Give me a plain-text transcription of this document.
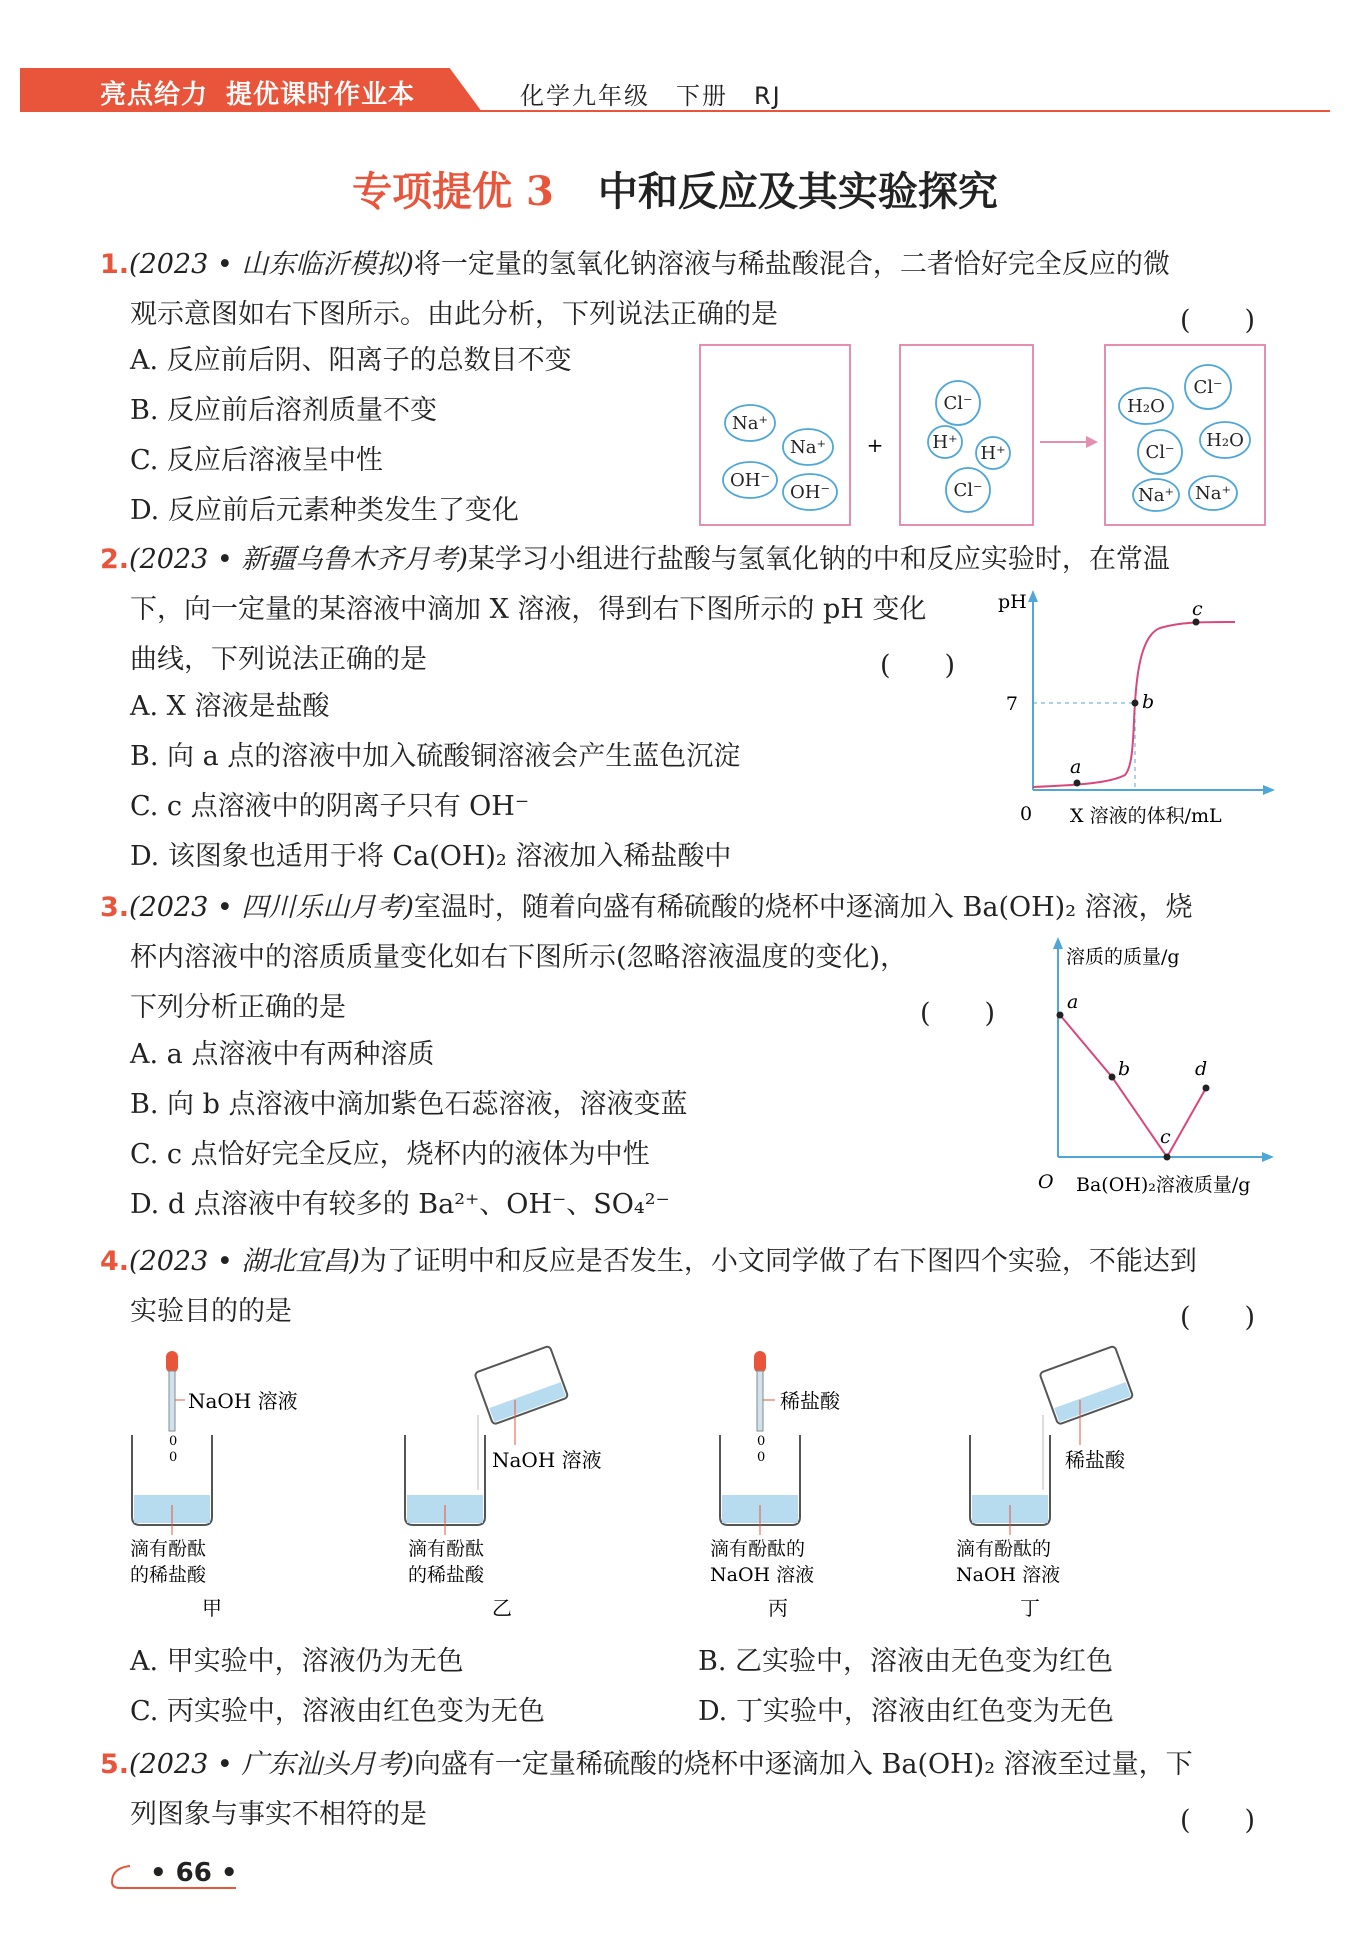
亮点给力 提优课时作业本	化学九年级 下册 RJ
专项提优 3 中和反应及其实验探究
1.(2023 • 山东临沂模拟)将一定量的氢氧化钠溶液与稀盐酸混合，二者恰好完全反应的微
观示意图如右下图所示。由此分析，下列说法正确的是	(　　)
A. 反应前后阴、阳离子的总数目不变
B. 反应前后溶剂质量不变
C. 反应后溶液呈中性
D. 反应前后元素种类发生了变化
+
Na⁺
Na⁺
OH⁻
OH⁻
Cl⁻
H⁺
H⁺
Cl⁻
Cl⁻
H₂O
Cl⁻
H₂O
Na⁺ Na⁺
2.(2023 • 新疆乌鲁木齐月考)某学习小组进行盐酸与氢氧化钠的中和反应实验时，在常温
下，向一定量的某溶液中滴加 X 溶液，得到右下图所示的 pH 变化
曲线，下列说法正确的是	(　　)
A. X 溶液是盐酸
B. 向 a 点的溶液中加入硫酸铜溶液会产生蓝色沉淀
C. c 点溶液中的阴离子只有 OH⁻
D. 该图象也适用于将 Ca(OH)₂ 溶液加入稀盐酸中
pH
7
0 X 溶液的体积/mL
a
b
c
3.(2023 • 四川乐山月考)室温时，随着向盛有稀硫酸的烧杯中逐滴加入 Ba(OH)₂ 溶液，烧
杯内溶液中的溶质质量变化如右下图所示(忽略溶液温度的变化)，
下列分析正确的是	(　　)
A. a 点溶液中有两种溶质
B. 向 b 点溶液中滴加紫色石蕊溶液，溶液变蓝
C. c 点恰好完全反应，烧杯内的液体为中性
D. d 点溶液中有较多的 Ba²⁺、OH⁻、SO₄²⁻
溶质的质量/g
O Ba(OH)₂溶液质量/g
a
b
c
d
4.(2023 • 湖北宜昌)为了证明中和反应是否发生，小文同学做了右下图四个实验，不能达到
实验目的的是	(　　)
NaOH 溶液
0
0
滴有酚酞
的稀盐酸
甲
NaOH 溶液
滴有酚酞
的稀盐酸
乙
稀盐酸
0
0
滴有酚酞的
NaOH 溶液
丙
稀盐酸
滴有酚酞的
NaOH 溶液
丁
A. 甲实验中，溶液仍为无色
C. 丙实验中，溶液由红色变为无色
B. 乙实验中，溶液由无色变为红色
D. 丁实验中，溶液由红色变为无色
5.(2023 • 广东汕头月考)向盛有一定量稀硫酸的烧杯中逐滴加入 Ba(OH)₂ 溶液至过量，下
列图象与事实不相符的是	(　　)
• 66 •
